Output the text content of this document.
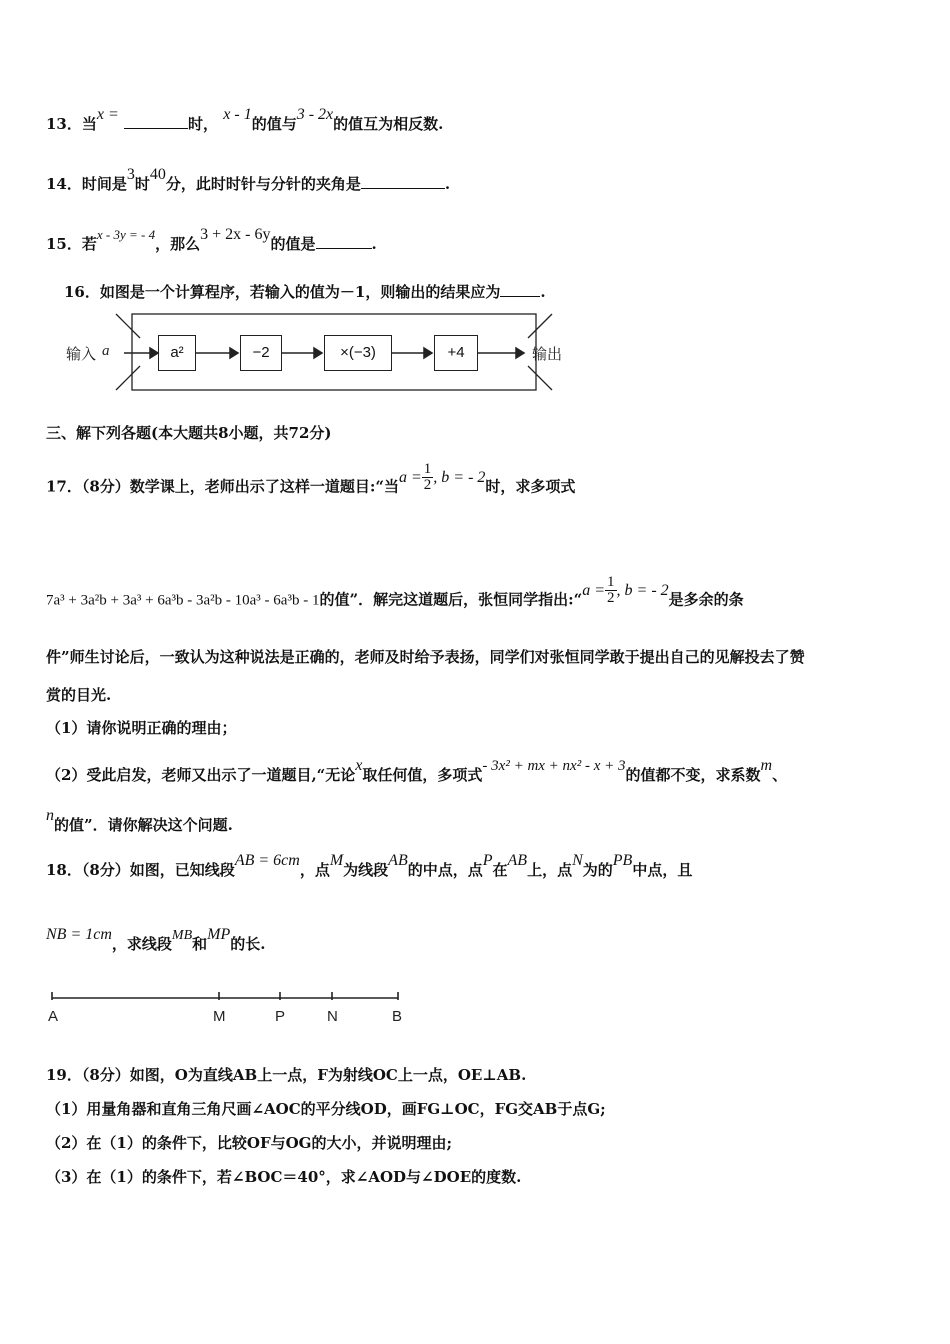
13．当x = 时， x - 1的值与3 - 2x的值互为相反数.
14．时间是3时40分，此时时针与分针的夹角是	.
15．若x - 3y = - 4，那么3 + 2x - 6y的值是	.
16．如图是一个计算程序，若输入的值为－1，则输出的结果应为	.
输入 a	a²	−2	×(−3)	+4	输出
三、解下列各题(本大题共8小题，共72分)
17．（8分）数学课上，老师出示了这样一道题目:“当$a = \frac{1}{2}$ , b = - 2时，求多项式
7a³ + 3a²b + 3a³ + 6a³b - 3a²b - 10a³ - 6a³b - 1的值”．解完这道题后，张恒同学指出:“a = $\frac{1}{2}$ , b = - 2是多余的条
件”师生讨论后，一致认为这种说法是正确的，老师及时给予表扬，同学们对张恒同学敢于提出自己的见解投去了赞
赏的目光.
（1）请你说明正确的理由；
（2）受此启发，老师又出示了一道题目,“无论x取任何值，多项式- 3x² + mx + nx² - x + 3的值都不变，求系数m、
n的值”．请你解决这个问题.
18．（8分）如图，已知线段AB = 6cm，点M为线段AB的中点，点P在AB上，点N为的PB中点，且
NB = 1cm，求线段MB和MP的长.
A	M	P	N	B
19．（8分）如图，O为直线AB上一点，F为射线OC上一点，OE⊥AB.
（1）用量角器和直角三角尺画∠AOC的平分线OD，画FG⊥OC，FG交AB于点G;
（2）在（1）的条件下，比较OF与OG的大小，并说明理由;
（3）在（1）的条件下，若∠BOC＝40°，求∠AOD与∠DOE的度数.
